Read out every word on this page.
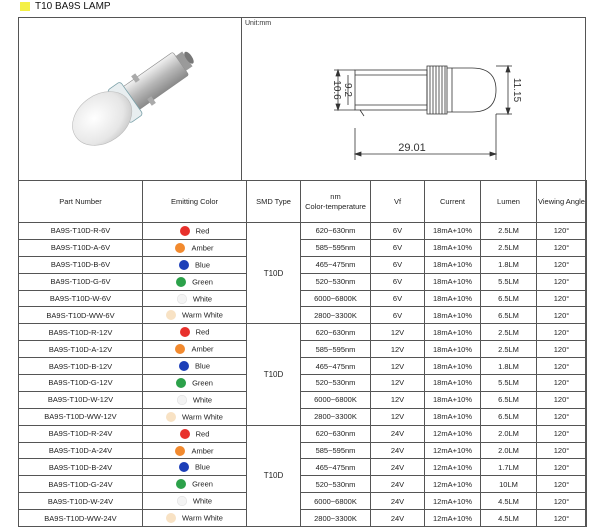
T10 BA9S LAMP
Unit:mm
29.01
10.6 9.2	11.15
Part Number	Emitting Color	SMD Type	nm
Color-temperature	Vf	Current	Lumen	Viewing Angle
BA9S-T10D-R-6V	Red	T10D	620~630nm	6V	18mA+10%	2.5LM	120°
BA9S-T10D-A-6V	Amber		585~595nm	6V	18mA+10%	2.5LM	120°
BA9S-T10D-B-6V	Blue		465~475nm	6V	18mA+10%	1.8LM	120°
BA9S-T10D-G-6V	Green		520~530nm	6V	18mA+10%	5.5LM	120°
BA9S-T10D-W-6V	White		6000~6800K	6V	18mA+10%	6.5LM	120°
BA9S-T10D-WW-6V	Warm White		2800~3300K	6V	18mA+10%	6.5LM	120°
BA9S-T10D-R-12V	Red	T10D	620~630nm	12V	18mA+10%	2.5LM	120°
BA9S-T10D-A-12V	Amber		585~595nm	12V	18mA+10%	2.5LM	120°
BA9S-T10D-B-12V	Blue		465~475nm	12V	18mA+10%	1.8LM	120°
BA9S-T10D-G-12V	Green		520~530nm	12V	18mA+10%	5.5LM	120°
BA9S-T10D-W-12V	White		6000~6800K	12V	18mA+10%	6.5LM	120°
BA9S-T10D-WW-12V	Warm White		2800~3300K	12V	18mA+10%	6.5LM	120°
BA9S-T10D-R-24V	Red	T10D	620~630nm	24V	12mA+10%	2.0LM	120°
BA9S-T10D-A-24V	Amber		585~595nm	24V	12mA+10%	2.0LM	120°
BA9S-T10D-B-24V	Blue		465~475nm	24V	12mA+10%	1.7LM	120°
BA9S-T10D-G-24V	Green		520~530nm	24V	12mA+10%	10LM	120°
BA9S-T10D-W-24V	White		6000~6800K	24V	12mA+10%	4.5LM	120°
BA9S-T10D-WW-24V	Warm White		2800~3300K	24V	12mA+10%	4.5LM	120°
